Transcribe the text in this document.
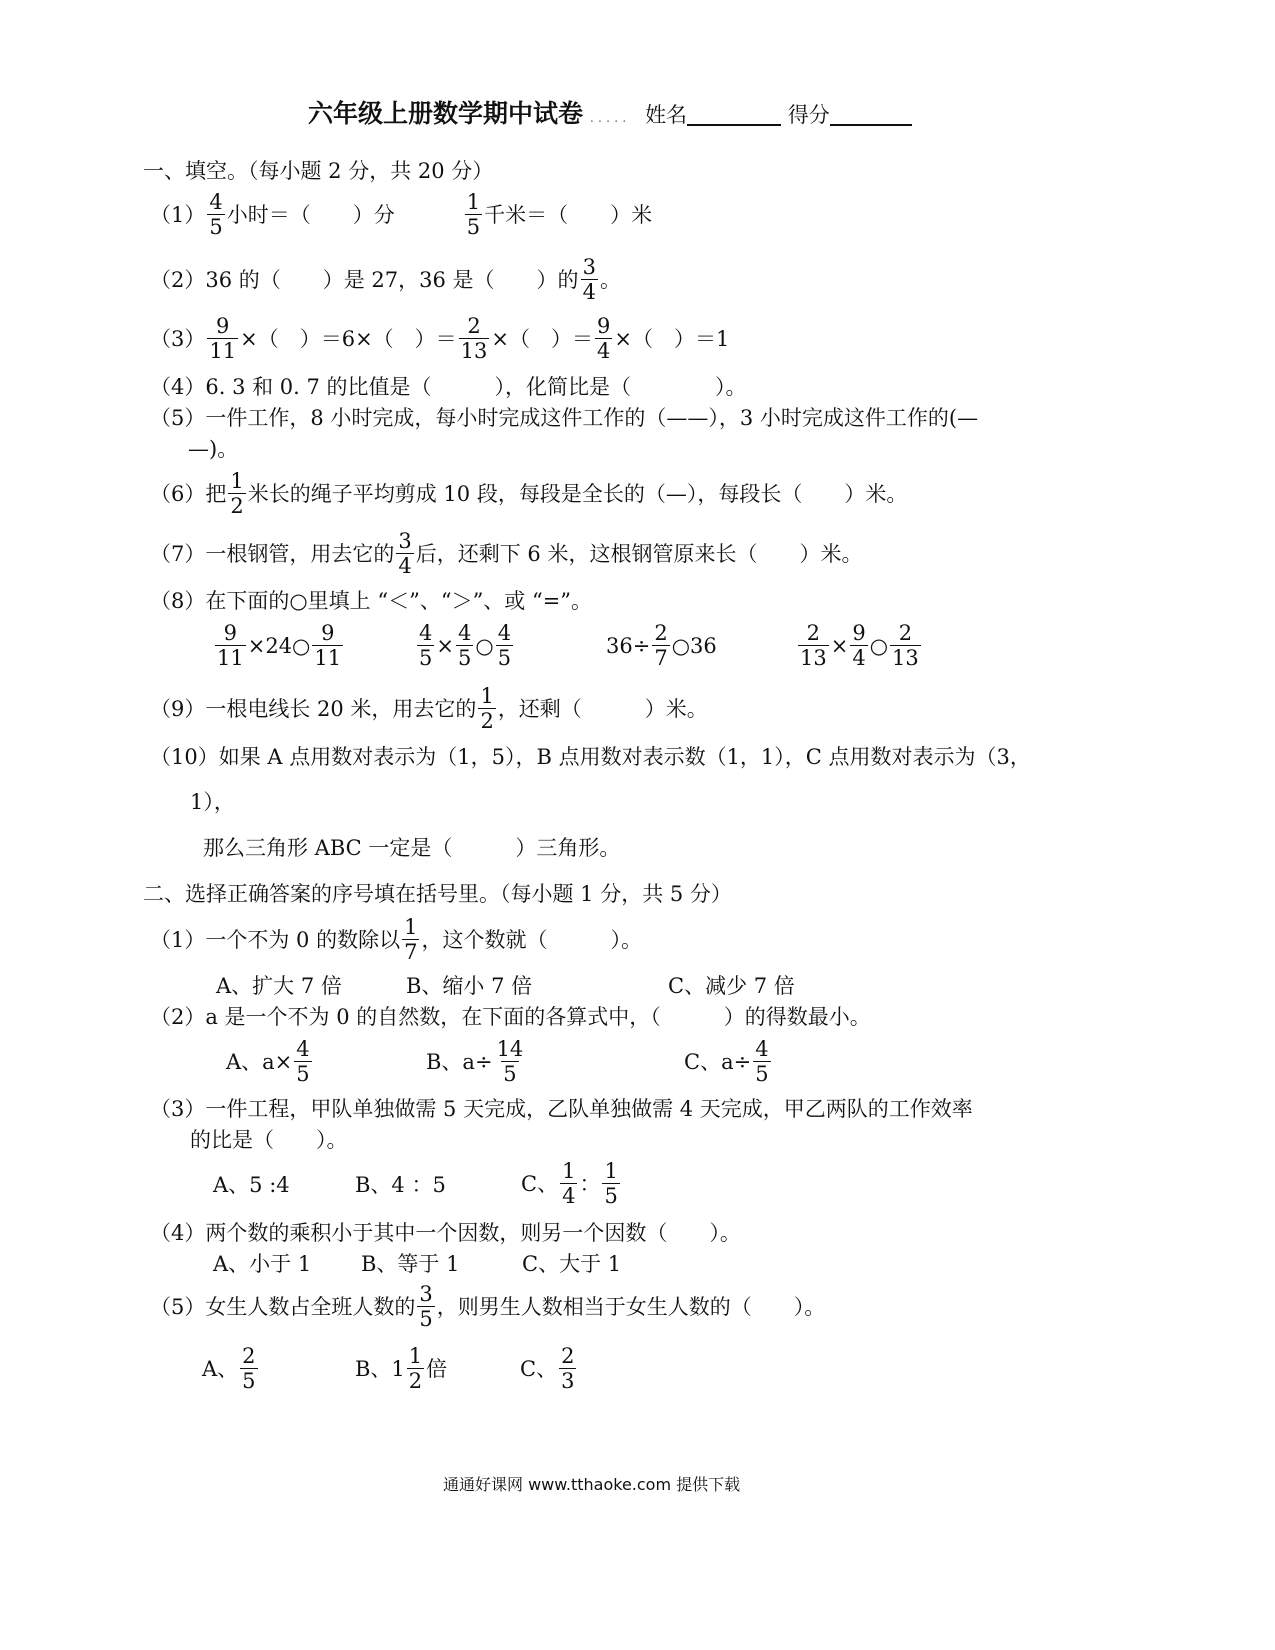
六年级上册数学期中试卷 ..... 姓名	得分
一、填空。（每小题 2 分，共 20 分）
$(1) \frac{4}{5}$ 小时＝（　　）分	$\frac{1}{5}$ 千米＝（　　）米
（2）36 的（　　）是 27，36 是（　　）的 $\frac{3}{4}$ 。
$(3) \frac{9}{11}$ ×（　）＝6×（　）＝ $\frac{2}{13}$ ×（　）＝ $\frac{9}{4}$ ×（　）＝1
（4）6. 3 和 0. 7 的比值是（　　　），化简比是（　　　　）。
（5）一件工作，8 小时完成，每小时完成这件工作的（——），3 小时完成这件工作的(—
—)。
（6）把 $\frac{1}{2}$ 米长的绳子平均剪成 10 段，每段是全长的（—），每段长（　　）米。
（7）一根钢管，用去它的 $\frac{3}{4}$ 后，还剩下 6 米，这根钢管原来长（　　）米。
（8）在下面的○里填上 “＜”、“＞”、或 “=”。
$\frac{9}{11}$ ×24○ $\frac{9}{11}$	$\frac{4}{5} \times \frac{4}{5}$ ○ $\frac{4}{5}$	$36\div \frac{2}{7}$ ○36	$\frac{2}{13} \times \frac{9}{4}$ ○ $\frac{2}{13}$
（9）一根电线长 20 米，用去它的 $\frac{1}{2}$ ，还剩（　　　）米。
（10）如果 A 点用数对表示为（1，5），B 点用数对表示数（1，1），C 点用数对表示为（3，
1），
那么三角形 ABC 一定是（　　　）三角形。
二、选择正确答案的序号填在括号里。（每小题 1 分，共 5 分）
（1）一个不为 0 的数除以 $\frac{1}{7}$ ，这个数就（　　　）。
A、扩大 7 倍	B、缩小 7 倍	C、减少 7 倍
（2）a 是一个不为 0 的自然数，在下面的各算式中，（　　　）的得数最小。
A、$a\times \frac{4}{5}$	B、$a\div \frac{14}{5}$	C、$a\div \frac{4}{5}$
（3）一件工程，甲队单独做需 5 天完成，乙队单独做需 4 天完成，甲乙两队的工作效率
的比是（　　）。
A、5 :4	B、4 ：5	C、 $\frac{1}{4}$ ： $\frac{1}{5}$
（4）两个数的乘积小于其中一个因数，则另一个因数（　　）。
A、小于 1 B、等于 1	C、大于 1
（5）女生人数占全班人数的 $\frac{3}{5}$ ，则男生人数相当于女生人数的（　　）。
A、 $\frac{2}{5}$	B、$1 \frac{1}{2}$ 倍	C、 $\frac{2}{3}$
通通好课网 www.tthaoke.com 提供下载
